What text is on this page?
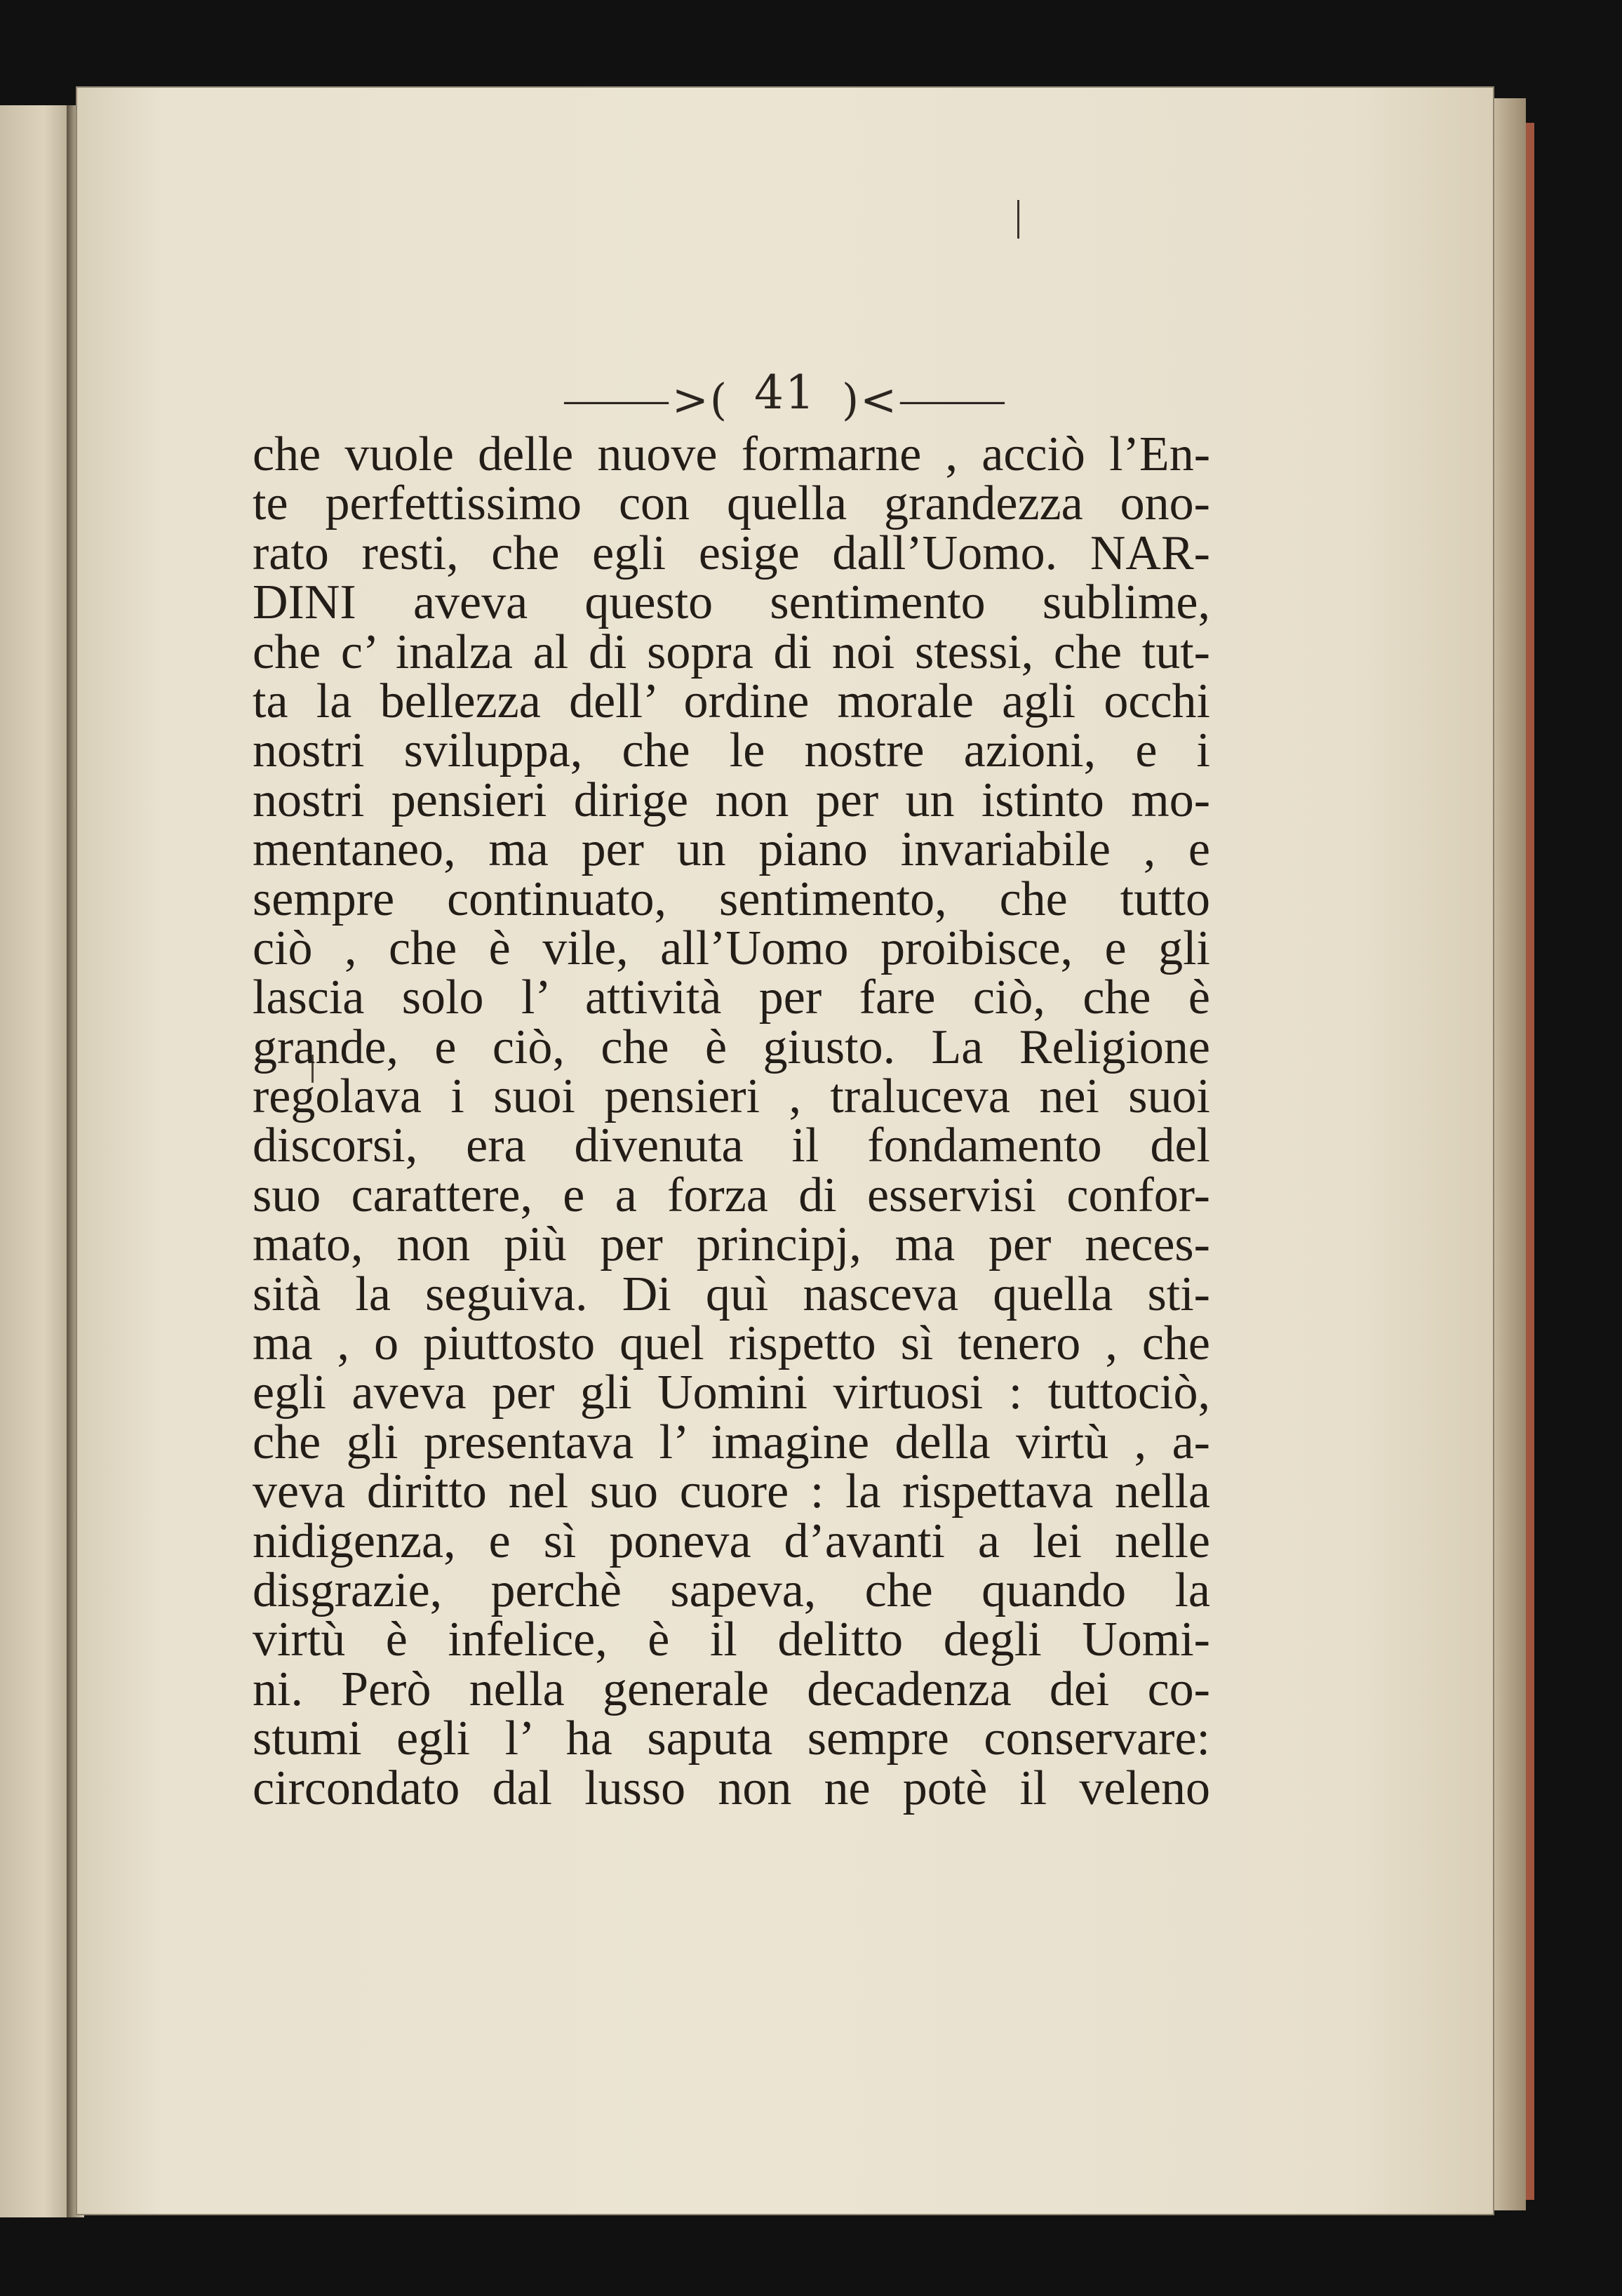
⸻>( 41 )<⸻
che vuole delle nuove formarne , acciò l’En-
te perfettissimo con quella grandezza ono-
rato resti, che egli esige dall’Uomo. NAR-
DINI aveva questo sentimento sublime,
che c’ inalza al di sopra di noi stessi, che tut-
ta la bellezza dell’ ordine morale agli occhi
nostri sviluppa, che le nostre azioni, e i
nostri pensieri dirige non per un istinto mo-
mentaneo, ma per un piano invariabile , e
sempre continuato, sentimento, che tutto
ciò , che è vile, all’Uomo proibisce, e gli
lascia solo l’ attività per fare ciò, che è
grande, e ciò, che è giusto. La Religione
regolava i suoi pensieri , traluceva nei suoi
discorsi, era divenuta il fondamento del
suo carattere, e a forza di esservisi confor-
mato, non più per principj, ma per neces-
sità la seguiva. Di quì nasceva quella sti-
ma , o piuttosto quel rispetto sì tenero , che
egli aveva per gli Uomini virtuosi : tuttociò,
che gli presentava l’ imagine della virtù , a-
veva diritto nel suo cuore : la rispettava nella
nidigenza, e sì poneva d’avanti a lei nelle
disgrazie, perchè sapeva, che quando la
virtù è infelice, è il delitto degli Uomi-
ni. Però nella generale decadenza dei co-
stumi egli l’ ha saputa sempre conservare:
circondato dal lusso non ne potè il veleno
